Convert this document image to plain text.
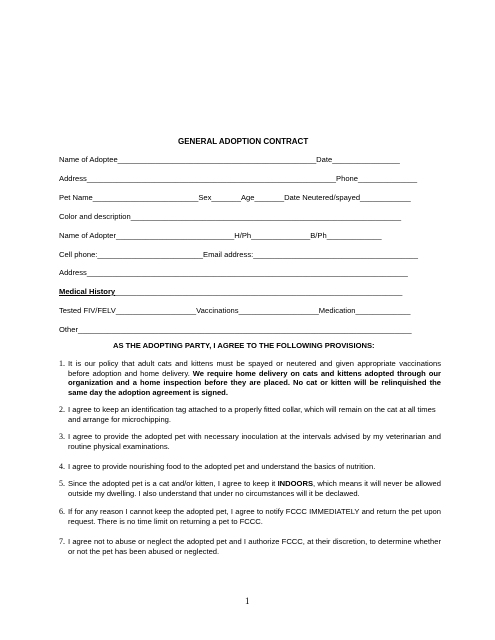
GENERAL ADOPTION CONTRACT
Name of Adoptee_______________________________________________Date________________
Address___________________________________________________________Phone______________
Pet Name_________________________Sex_______Age_______Date Neutered/spayed____________
Color and description________________________________________________________________
Name of Adopter____________________________H/Ph______________B/Ph_____________
Cell phone:_________________________Email address:_______________________________________
Address____________________________________________________________________________
Medical History____________________________________________________________________
Tested FIV/FELV___________________Vaccinations___________________Medication_____________
Other_______________________________________________________________________________
AS THE ADOPTING PARTY, I AGREE TO THE FOLLOWING PROVISIONS:
1. It is our policy that adult cats and kittens must be spayed or neutered and given appropriate vaccinations before adoption and home delivery. We require home delivery on cats and kittens adopted through our organization and a home inspection before they are placed. No cat or kitten will be relinquished the same day the adoption agreement is signed.
2. I agree to keep an identification tag attached to a properly fitted collar, which will remain on the cat at all times and arrange for microchipping.
3. I agree to provide the adopted pet with necessary inoculation at the intervals advised by my veterinarian and routine physical examinations.
4. I agree to provide nourishing food to the adopted pet and understand the basics of nutrition.
5. Since the adopted pet is a cat and/or kitten, I agree to keep it INDOORS, which means it will never be allowed outside my dwelling. I also understand that under no circumstances will it be declawed.
6. If for any reason I cannot keep the adopted pet, I agree to notify FCCC IMMEDIATELY and return the pet upon request. There is no time limit on returning a pet to FCCC.
7. I agree not to abuse or neglect the adopted pet and I authorize FCCC, at their discretion, to determine whether or not the pet has been abused or neglected.
1
